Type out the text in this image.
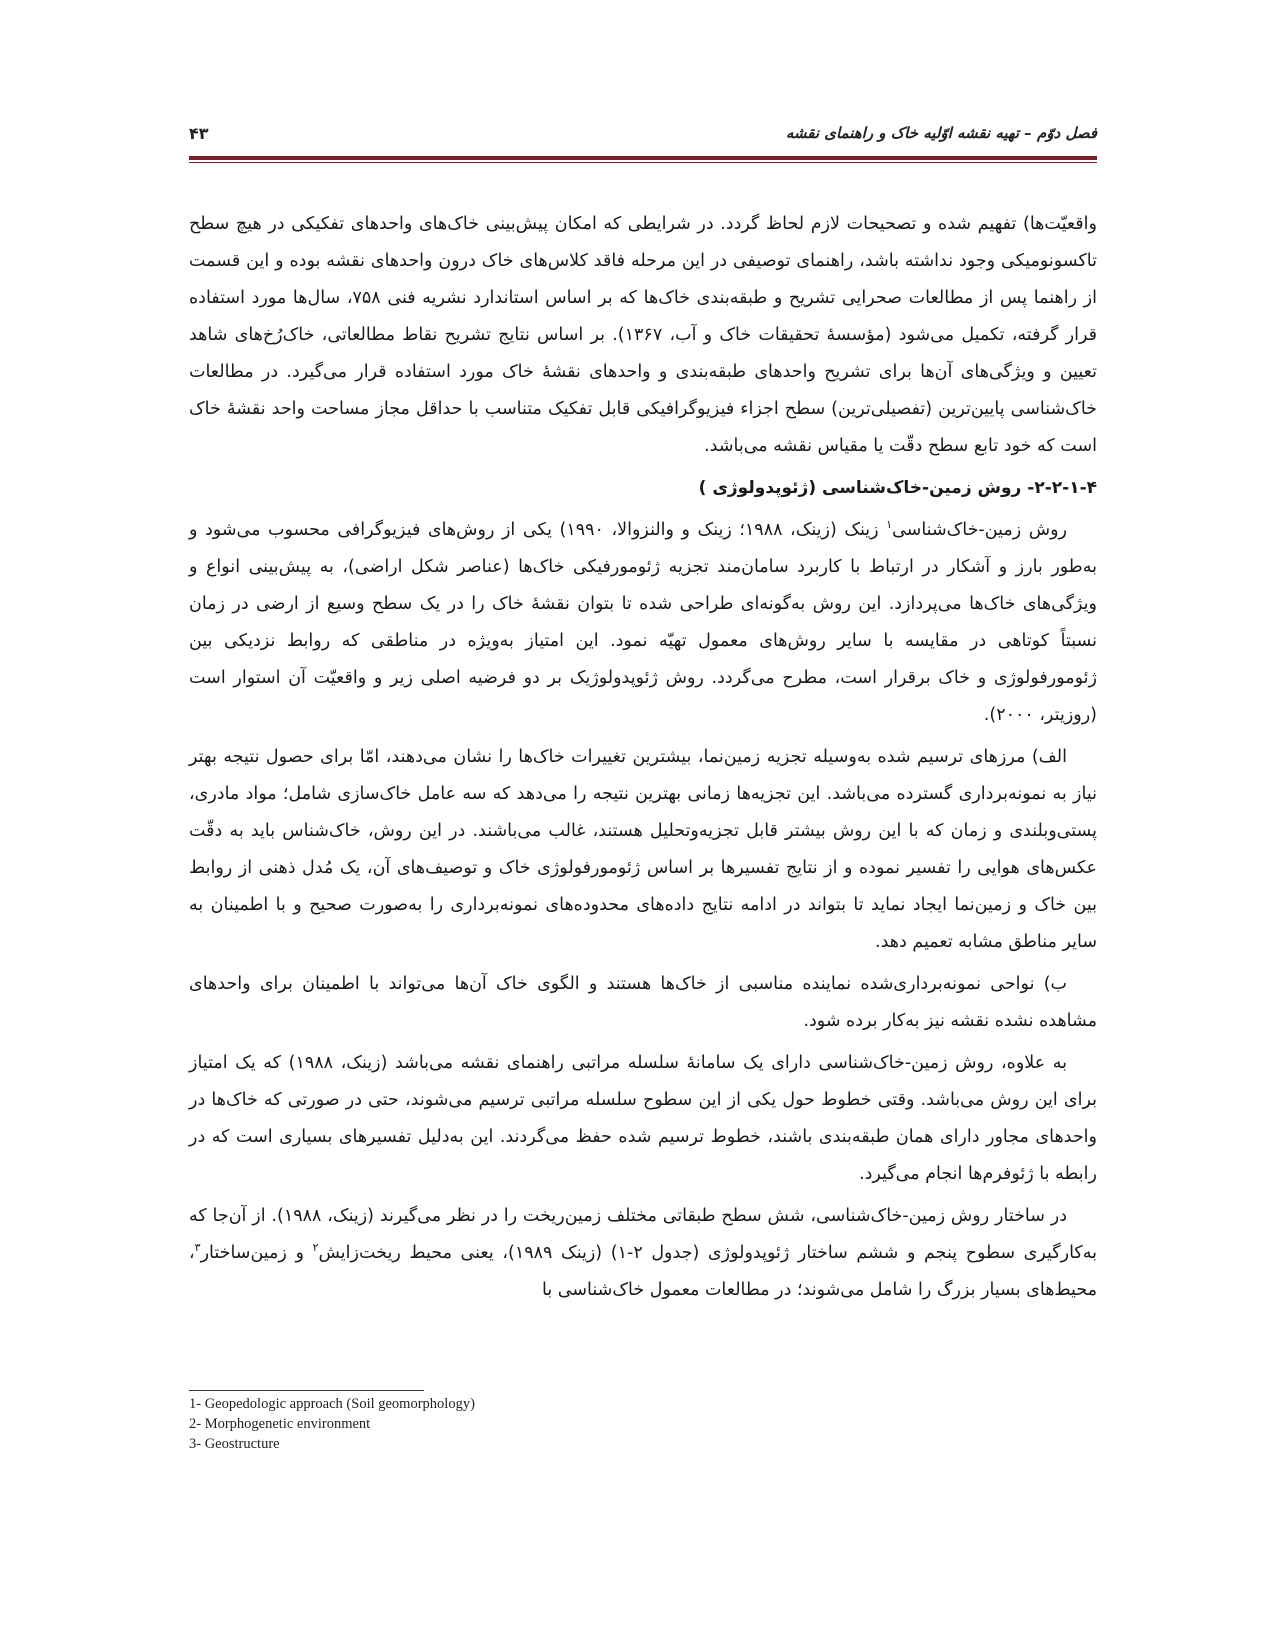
فصل دوّم – تهیه نقشه اوّلیه خاک و راهنمای نقشه
۴۳

واقعیّت‌ها) تفهیم شده و تصحیحات لازم لحاظ گردد. در شرایطی که امکان پیش‌بینی خاک‌های واحدهای تفکیکی در هیچ سطح تاکسونومیکی وجود نداشته باشد، راهنمای توصیفی در این مرحله فاقد کلاس‌های خاک درون واحدهای نقشه بوده و این قسمت از راهنما پس از مطالعات صحرایی تشریح و طبقه‌بندی خاک‌ها که بر اساس استاندارد نشریه فنی ۷۵۸، سال‌ها مورد استفاده قرار گرفته، تکمیل می‌شود (مؤسسهٔ تحقیقات خاک و آب، ۱۳۶۷). بر اساس نتایج تشریح نقاط مطالعاتی، خاک‌رُخ‌های شاهد تعیین و ویژگی‌های آن‌ها برای تشریح واحدهای طبقه‌بندی و واحدهای نقشهٔ خاک مورد استفاده قرار می‌گیرد. در مطالعات خاک‌شناسی پایین‌ترین (تفصیلی‌ترین) سطح اجزاء فیزیوگرافیکی قابل تفکیک متناسب با حداقل مجاز مساحت واحد نقشهٔ خاک است که خود تابع سطح دقّت یا مقیاس نقشه می‌باشد.

۲-۲-۱-۴- روش زمین-خاک‌شناسی (ژئوپدولوژی )

روش زمین-خاک‌شناسی$^۱$ زینک (زینک، ۱۹۸۸؛ زینک و والنزوالا، ۱۹۹۰) یکی از روش‌های فیزیوگرافی محسوب می‌شود و به‌طور بارز و آشکار در ارتباط با کاربرد سامان‌مند تجزیه ژئومورفیکی خاک‌ها (عناصر شکل اراضی)، به پیش‌بینی انواع و ویژگی‌های خاک‌ها می‌پردازد. این روش به‌گونه‌ای طراحی شده تا بتوان نقشهٔ خاک را در یک سطح وسیع از ارضی در زمان نسبتاً کوتاهی در مقایسه با سایر روش‌های معمول تهیّه نمود. این امتیاز به‌ویژه در مناطقی که روابط نزدیکی بین ژئومورفولوژی و خاک برقرار است، مطرح می‌گردد. روش ژئوپدولوژیک بر دو فرضیه اصلی زیر و واقعیّت آن استوار است (روزیتر، ۲۰۰۰).

الف) مرزهای ترسیم شده به‌وسیله تجزیه زمین‌نما، بیشترین تغییرات خاک‌ها را نشان می‌دهند، امّا برای حصول نتیجه بهتر نیاز به نمونه‌برداری گسترده می‌باشد. این تجزیه‌ها زمانی بهترین نتیجه را می‌دهد که سه عامل خاک‌سازی شامل؛ مواد مادری، پستی‌وبلندی و زمان که با این روش بیشتر قابل تجزیه‌وتحلیل هستند، غالب می‌باشند. در این روش، خاک‌شناس باید به دقّت عکس‌های هوایی را تفسیر نموده و از نتایج تفسیرها بر اساس ژئومورفولوژی خاک و توصیف‌های آن، یک مُدل ذهنی از روابط بین خاک و زمین‌نما ایجاد نماید تا بتواند در ادامه نتایج داده‌های محدوده‌های نمونه‌برداری را به‌صورت صحیح و با اطمینان به سایر مناطق مشابه تعمیم دهد.

ب) نواحی نمونه‌برداری‌شده نماینده مناسبی از خاک‌ها هستند و الگوی خاک آن‌ها می‌تواند با اطمینان برای واحدهای مشاهده نشده نقشه نیز به‌کار برده شود.

به علاوه، روش زمین-خاک‌شناسی دارای یک سامانهٔ سلسله مراتبی راهنمای نقشه می‌باشد (زینک، ۱۹۸۸) که یک امتیاز برای این روش می‌باشد. وقتی خطوط حول یکی از این سطوح سلسله مراتبی ترسیم می‌شوند، حتی در صورتی که خاک‌ها در واحدهای مجاور دارای همان طبقه‌بندی باشند، خطوط ترسیم شده حفظ می‌گردند. این به‌دلیل تفسیرهای بسیاری است که در رابطه با ژئوفرم‌ها انجام می‌گیرد.

در ساختار روش زمین-خاک‌شناسی، شش سطح طبقاتی مختلف زمین‌ریخت را در نظر می‌گیرند (زینک، ۱۹۸۸). از آن‌جا که به‌کارگیری سطوح پنجم و ششم ساختار ژئوپدولوژی (جدول ۲-۱) (زینک ۱۹۸۹)، یعنی محیط ریخت‌زایش$^۲$ و زمین‌ساختار$^۳$، محیط‌های بسیار بزرگ را شامل می‌شوند؛ در مطالعات معمول خاک‌شناسی با

1- Geopedologic approach (Soil geomorphology)

2- Morphogenetic environment

3- Geostructure
